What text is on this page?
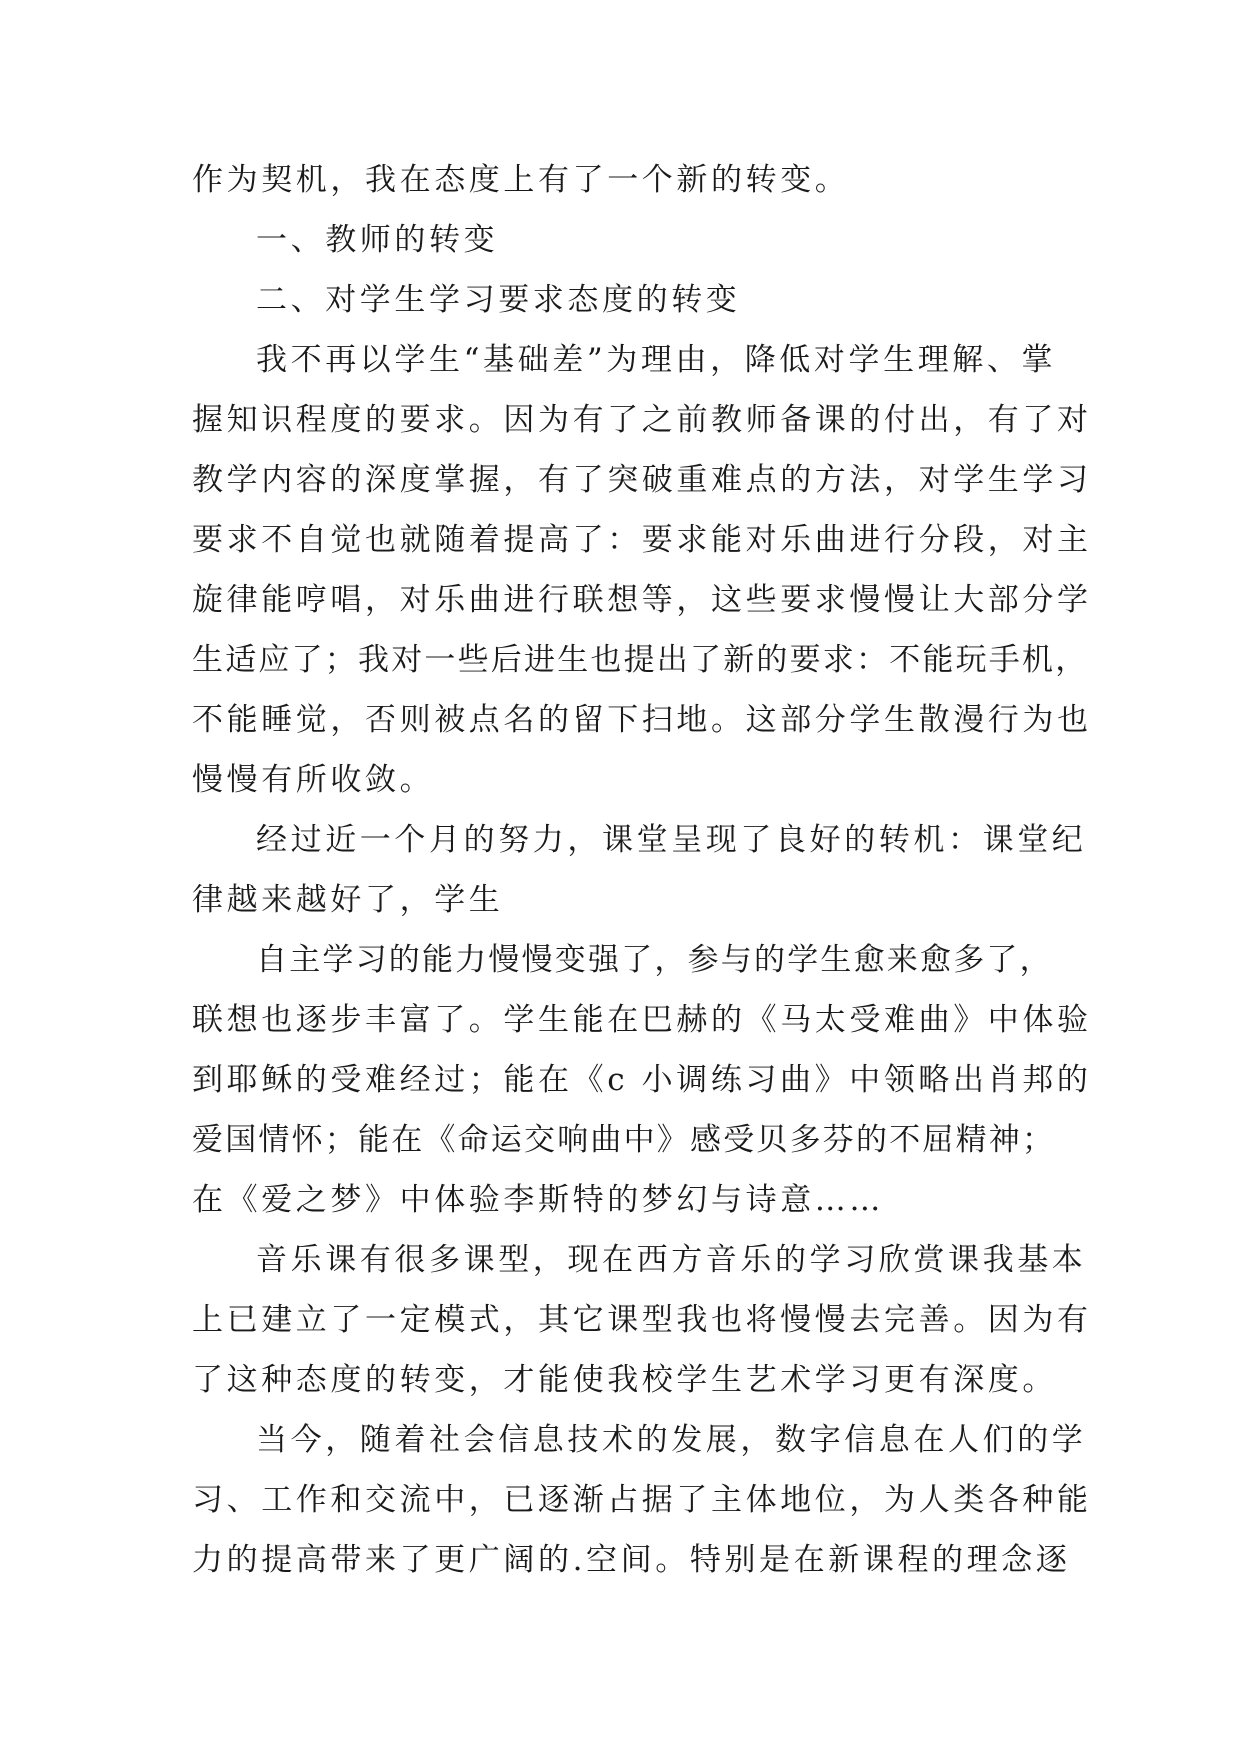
作为契机，我在态度上有了一个新的转变。
一、教师的转变
二、对学生学习要求态度的转变
我不再以学生“基础差”为理由，降低对学生理解、掌
握知识程度的要求。因为有了之前教师备课的付出，有了对
教学内容的深度掌握，有了突破重难点的方法，对学生学习
要求不自觉也就随着提高了：要求能对乐曲进行分段，对主
旋律能哼唱，对乐曲进行联想等，这些要求慢慢让大部分学
生适应了；我对一些后进生也提出了新的要求：不能玩手机，
不能睡觉，否则被点名的留下扫地。这部分学生散漫行为也
慢慢有所收敛。
经过近一个月的努力，课堂呈现了良好的转机：课堂纪
律越来越好了，学生
自主学习的能力慢慢变强了，参与的学生愈来愈多了，
联想也逐步丰富了。学生能在巴赫的《马太受难曲》中体验
到耶稣的受难经过；能在《c 小调练习曲》中领略出肖邦的
爱国情怀；能在《命运交响曲中》感受贝多芬的不屈精神；
在《爱之梦》中体验李斯特的梦幻与诗意……
音乐课有很多课型，现在西方音乐的学习欣赏课我基本
上已建立了一定模式，其它课型我也将慢慢去完善。因为有
了这种态度的转变，才能使我校学生艺术学习更有深度。
当今，随着社会信息技术的发展，数字信息在人们的学
习、工作和交流中，已逐渐占据了主体地位，为人类各种能
力的提高带来了更广阔的.空间。特别是在新课程的理念逐
